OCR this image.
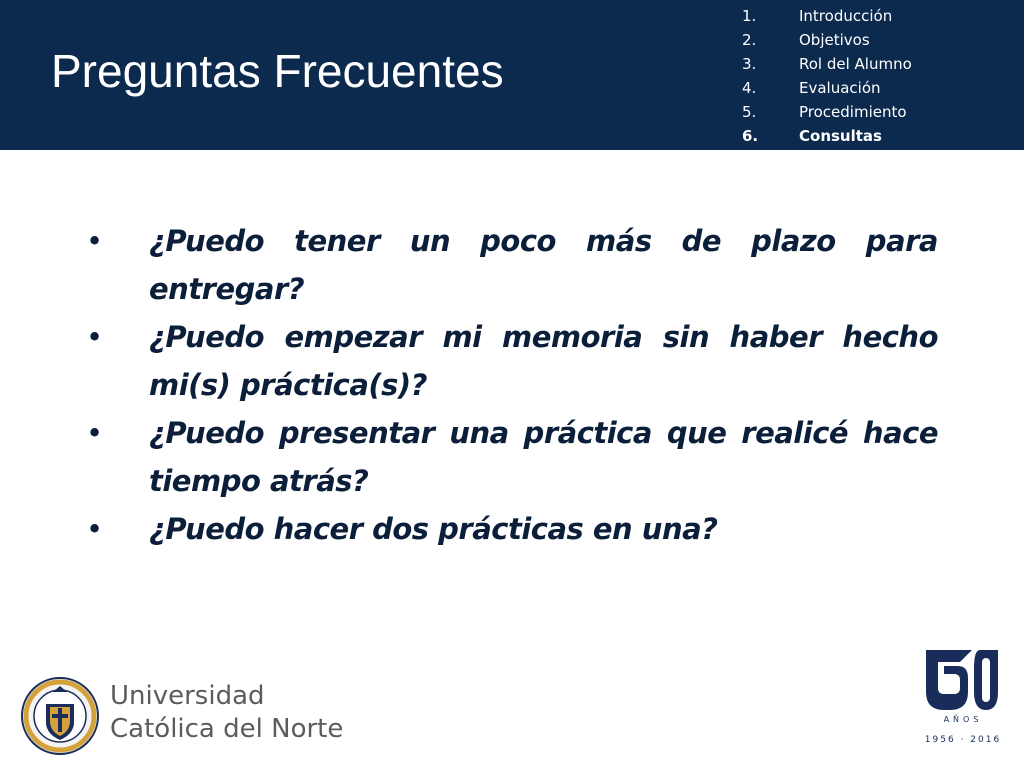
Preguntas Frecuentes
1.	Introducción
2.	Objetivos
3.	Rol del Alumno
4.	Evaluación
5.	Procedimiento
6.	Consultas
• ¿Puedo tener un poco más de plazo para entregar?
• ¿Puedo empezar mi memoria sin haber hecho mi(s) práctica(s)?
• ¿Puedo presentar una práctica que realicé hace tiempo atrás?
• ¿Puedo hacer dos prácticas en una?
Universidad
Católica del Norte	AÑOS
1956 · 2016
